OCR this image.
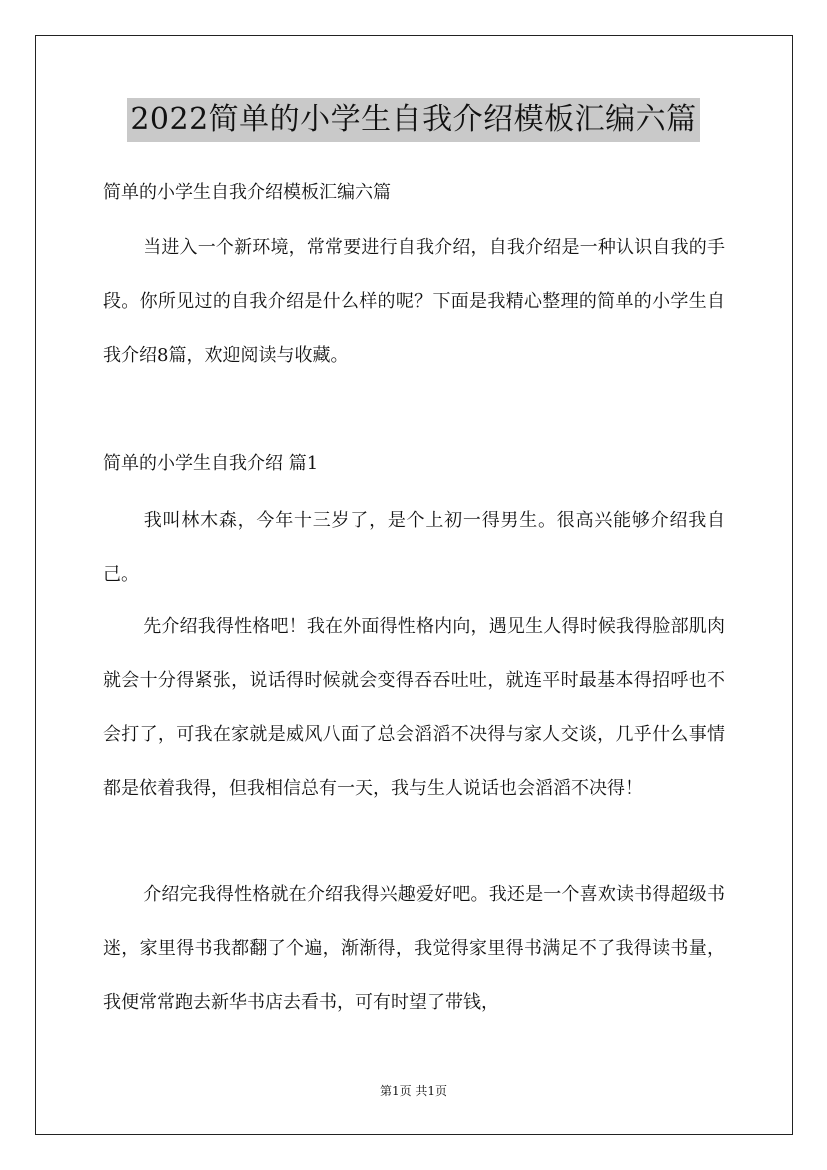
2022简单的小学生自我介绍模板汇编六篇
简单的小学生自我介绍模板汇编六篇

当进入一个新环境，常常要进行自我介绍，自我介绍是一种认识自我的手段。你所见过的自我介绍是什么样的呢？下面是我精心整理的简单的小学生自我介绍8篇，欢迎阅读与收藏。

简单的小学生自我介绍 篇1

我叫林木森，今年十三岁了，是个上初一得男生。很高兴能够介绍我自己。

先介绍我得性格吧！我在外面得性格内向，遇见生人得时候我得脸部肌肉就会十分得紧张，说话得时候就会变得吞吞吐吐，就连平时最基本得招呼也不会打了，可我在家就是威风八面了总会滔滔不决得与家人交谈，几乎什么事情都是依着我得，但我相信总有一天，我与生人说话也会滔滔不决得！

介绍完我得性格就在介绍我得兴趣爱好吧。我还是一个喜欢读书得超级书迷，家里得书我都翻了个遍，渐渐得，我觉得家里得书满足不了我得读书量，我便常常跑去新华书店去看书，可有时望了带钱，

第1页 共1页
